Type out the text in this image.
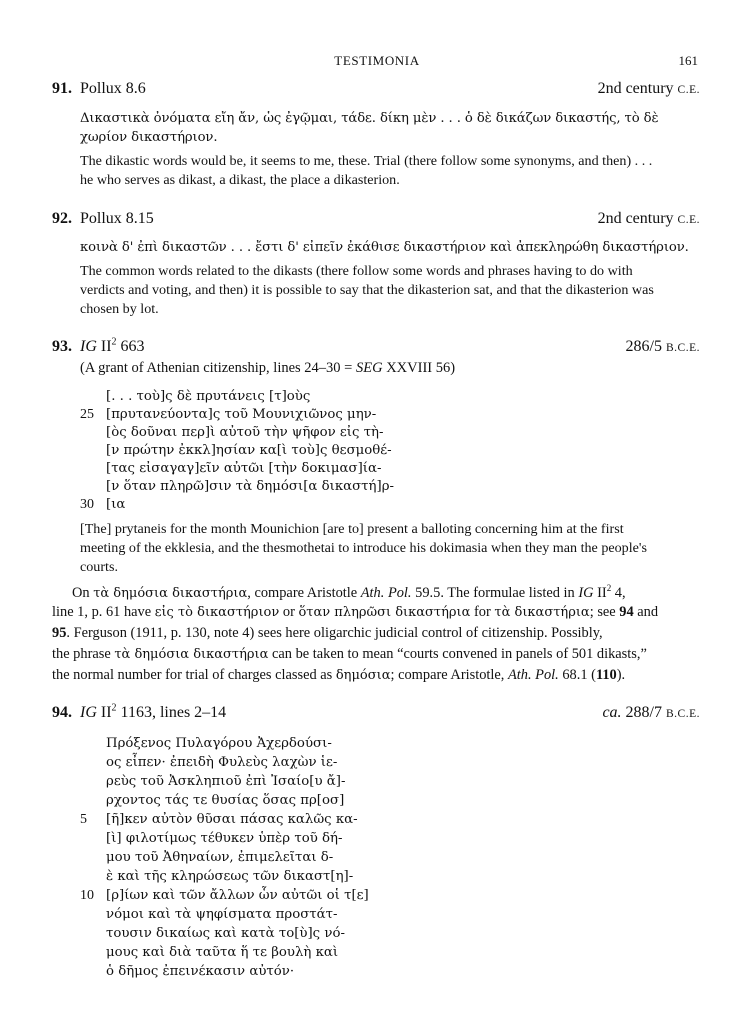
TESTIMONIA	161
91. Pollux 8.6	2nd century C.E.
Δικαστικὰ ὀνόματα εἴη ἄν, ὡς ἐγῷμαι, τάδε. δίκη μὲν . . . ὁ δὲ δικάζων δικαστής, τὸ δὲ
χωρίον δικαστήριον.
The dikastic words would be, it seems to me, these. Trial (there follow some synonyms, and then) . . .
he who serves as dikast, a dikast, the place a dikasterion.
92. Pollux 8.15	2nd century C.E.
κοινὰ δ' ἐπὶ δικαστῶν . . . ἔστι δ' εἰπεῖν ἐκάθισε δικαστήριον καὶ ἀπεκληρώθη δικαστήριον.
The common words related to the dikasts (there follow some words and phrases having to do with
verdicts and voting, and then) it is possible to say that the dikasterion sat, and that the dikasterion was
chosen by lot.
93. IG $II^2$ 663	286/5 B.C.E.
(A grant of Athenian citizenship, lines 24–30 = SEG XXVIII 56)
[. . . τοὺ]ς δὲ πρυτάνεις [τ]οὺς
25 [πρυτανεύοντα]ς τοῦ Μουνιχιῶνος μην-
[ὸς δοῦναι περ]ὶ αὐτοῦ τὴν ψῆφον εἰς τὴ-
[ν πρώτην ἐκκλ]ησίαν κα[ὶ τοὺ]ς θεσμοθέ-
[τας εἰσαγαγ]εῖν αὐτῶι [τὴν δοκιμασ]ία-
[ν ὅταν πληρῶ]σιν τὰ δημόσι[α δικαστή]ρ-
30 [ια
[The] prytaneis for the month Mounichion [are to] present a balloting concerning him at the first
meeting of the ekklesia, and the thesmothetai to introduce his dokimasia when they man the people's
courts.
On τὰ δημόσια δικαστήρια, compare Aristotle Ath. Pol. 59.5. The formulae listed in IG $II^2$ 4,
line 1, p. 61 have εἰς τὸ δικαστήριον or ὅταν πληρῶσι δικαστήρια for τὰ δικαστήρια; see 94 and
95. Ferguson (1911, p. 130, note 4) sees here oligarchic judicial control of citizenship. Possibly,
the phrase τὰ δημόσια δικαστήρια can be taken to mean “courts convened in panels of 501 dikasts,”
the normal number for trial of charges classed as δημόσια; compare Aristotle, Ath. Pol. 68.1 (110).
94. IG $II^2$ 1163, lines 2–14	ca. 288/7 B.C.E.
Πρόξενος Πυλαγόρου Ἀχερδούσι-
ος εἶπεν· ἐπειδὴ Φυλεὺς λαχὼν ἱε-
ρεὺς τοῦ Ἀσκληπιοῦ ἐπὶ Ἰσαίο[υ ἄ]-
ρχοντος τάς τε θυσίας ὅσας πρ[οσ]
5	[ῆ]κεν αὐτὸν θῦσαι πάσας καλῶς κα-
[ὶ] φιλοτίμως τέθυκεν ὑπὲρ τοῦ δή-
μου τοῦ Ἀθηναίων, ἐπιμελεῖται δ-
ὲ καὶ τῆς κληρώσεως τῶν δικαστ[η]-
10 [ρ]ίων καὶ τῶν ἄλλων ὧν αὐτῶι οἱ τ[ε]
νόμοι καὶ τὰ ψηφίσματα προστάτ-
τουσιν δικαίως καὶ κατὰ το[ὺ]ς νό-
μους καὶ διὰ ταῦτα ἥ τε βουλὴ καὶ
ὁ δῆμος ἐπεινέκασιν αὐτόν·
